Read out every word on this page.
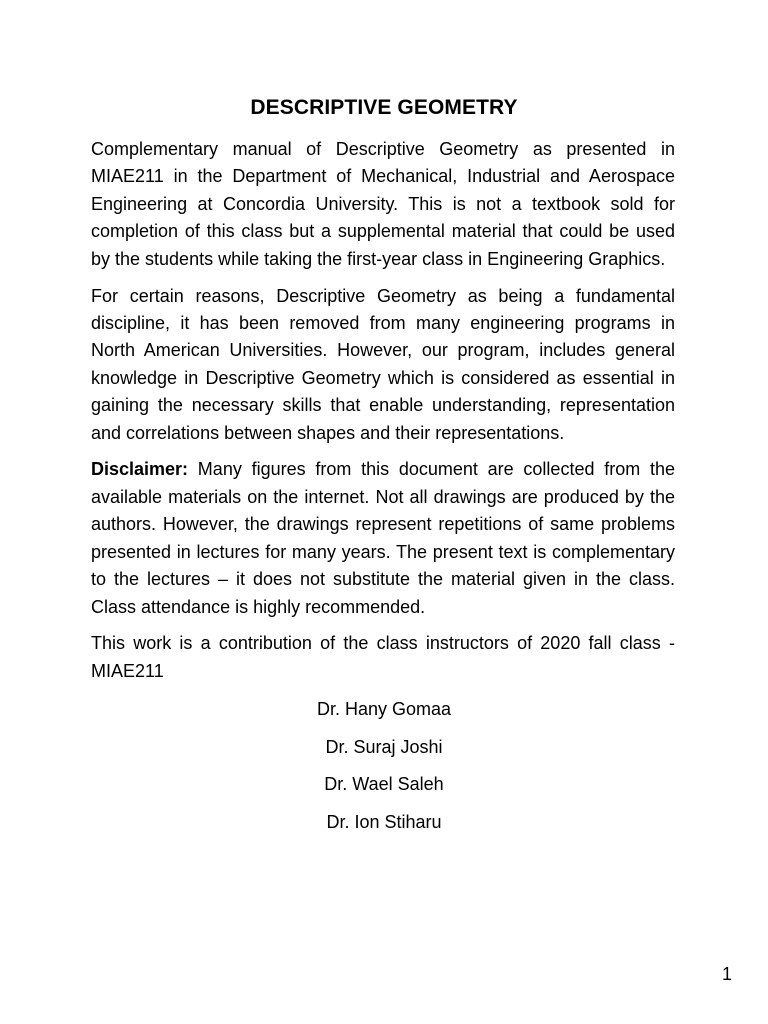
DESCRIPTIVE GEOMETRY

Complementary manual of Descriptive Geometry as presented in MIAE211 in the Department of Mechanical, Industrial and Aerospace Engineering at Concordia University. This is not a textbook sold for completion of this class but a supplemental material that could be used by the students while taking the first-year class in Engineering Graphics.

For certain reasons, Descriptive Geometry as being a fundamental discipline, it has been removed from many engineering programs in North American Universities. However, our program, includes general knowledge in Descriptive Geometry which is considered as essential in gaining the necessary skills that enable understanding, representation and correlations between shapes and their representations.

Disclaimer: Many figures from this document are collected from the available materials on the internet. Not all drawings are produced by the authors. However, the drawings represent repetitions of same problems presented in lectures for many years. The present text is complementary to the lectures – it does not substitute the material given in the class. Class attendance is highly recommended.

This work is a contribution of the class instructors of 2020 fall class - MIAE211

Dr. Hany Gomaa
Dr. Suraj Joshi
Dr. Wael Saleh
Dr. Ion Stiharu
1
